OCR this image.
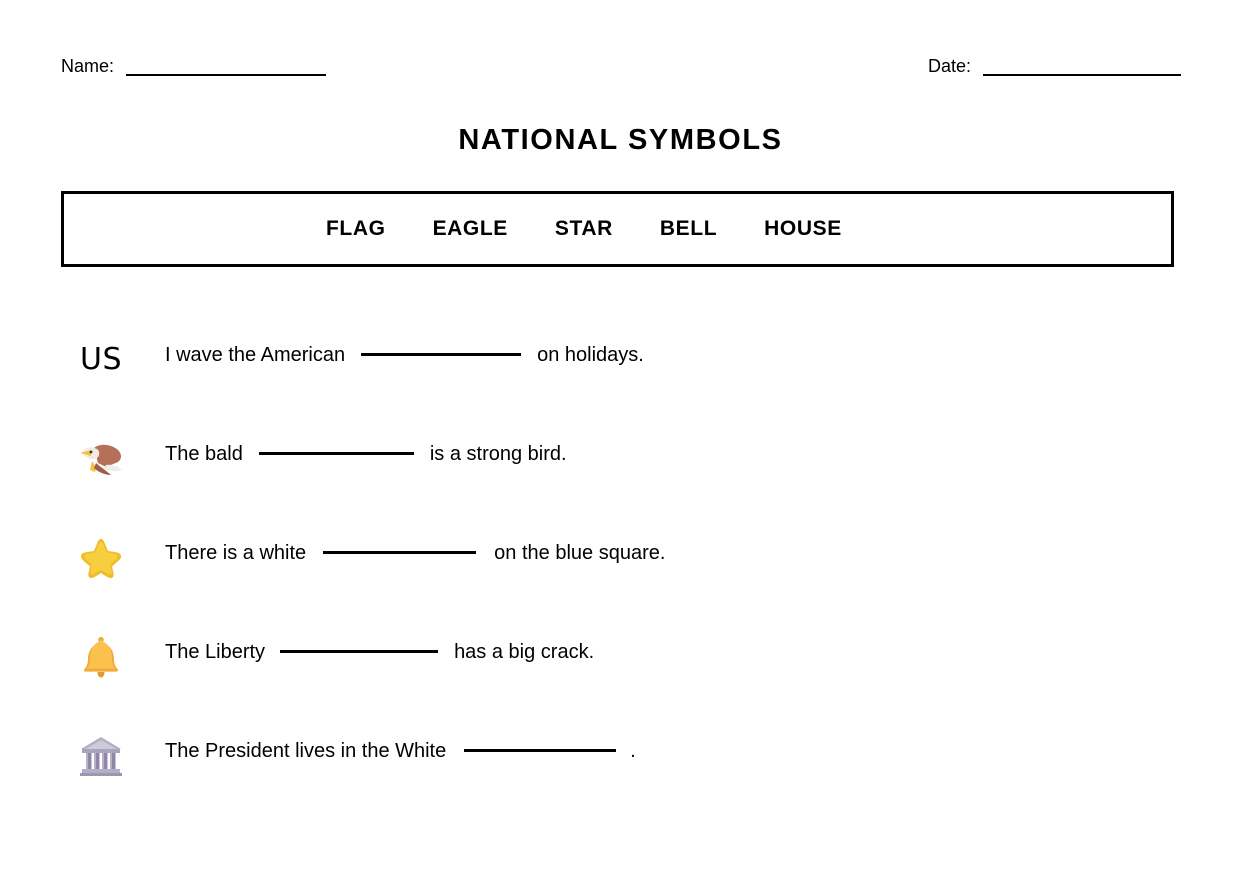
Name:	Date:
NATIONAL SYMBOLS
FLAG EAGLE STAR BELL HOUSE
US	I wave the American	on holidays.
The bald	is a strong bird.
There is a white	on the blue square.
The Liberty	has a big crack.
The President lives in the White	.
